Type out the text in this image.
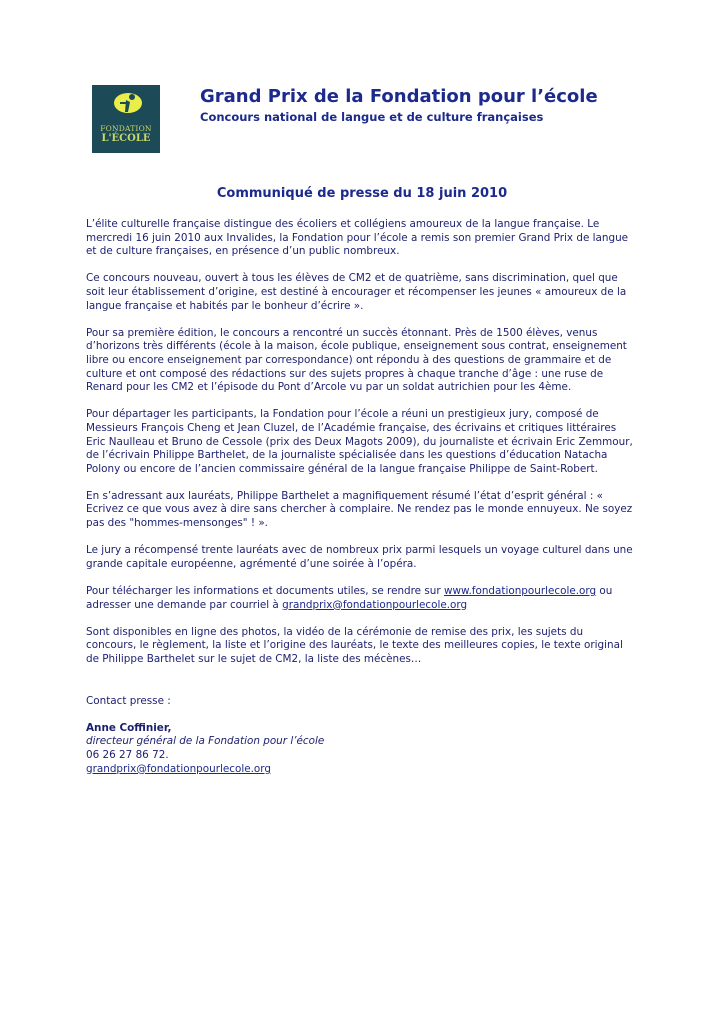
FONDATION
L'ÉCOLE
Grand Prix de la Fondation pour l’école
Concours national de langue et de culture françaises
Communiqué de presse du 18 juin 2010

L’élite culturelle française distingue des écoliers et collégiens amoureux de la langue française. Le mercredi 16 juin 2010 aux Invalides, la Fondation pour l’école a remis son premier Grand Prix de langue et de culture françaises, en présence d’un public nombreux.

Ce concours nouveau, ouvert à tous les élèves de CM2 et de quatrième, sans discrimination, quel que soit leur établissement d’origine, est destiné à encourager et récompenser les jeunes « amoureux de la langue française et habités par le bonheur d’écrire ».

Pour sa première édition, le concours a rencontré un succès étonnant. Près de 1500 élèves, venus d’horizons très différents (école à la maison, école publique, enseignement sous contrat, enseignement libre ou encore enseignement par correspondance) ont répondu à des questions de grammaire et de culture et ont composé des rédactions sur des sujets propres à chaque tranche d’âge : une ruse de Renard pour les CM2 et l’épisode du Pont d’Arcole vu par un soldat autrichien pour les 4ème.

Pour départager les participants, la Fondation pour l’école a réuni un prestigieux jury, composé de Messieurs François Cheng et Jean Cluzel, de l’Académie française, des écrivains et critiques littéraires Eric Naulleau et Bruno de Cessole (prix des Deux Magots 2009), du journaliste et écrivain Eric Zemmour, de l’écrivain Philippe Barthelet, de la journaliste spécialisée dans les questions d’éducation Natacha Polony ou encore de l’ancien commissaire général de la langue française Philippe de Saint-Robert.

En s’adressant aux lauréats, Philippe Barthelet a magnifiquement résumé l’état d’esprit général : « Ecrivez ce que vous avez à dire sans chercher à complaire. Ne rendez pas le monde ennuyeux. Ne soyez pas des "hommes-mensonges" ! ».

Le jury a récompensé trente lauréats avec de nombreux prix parmi lesquels un voyage culturel dans une grande capitale européenne, agrémenté d’une soirée à l’opéra.

Pour télécharger les informations et documents utiles, se rendre sur www.fondationpourlecole.org ou adresser une demande par courriel à grandprix@fondationpourlecole.org

Sont disponibles en ligne des photos, la vidéo de la cérémonie de remise des prix, les sujets du concours, le règlement, la liste et l’origine des lauréats, le texte des meilleures copies, le texte original de Philippe Barthelet sur le sujet de CM2, la liste des mécènes…

Contact presse :
Anne Coffinier,
directeur général de la Fondation pour l’école
06 26 27 86 72.
grandprix@fondationpourlecole.org
